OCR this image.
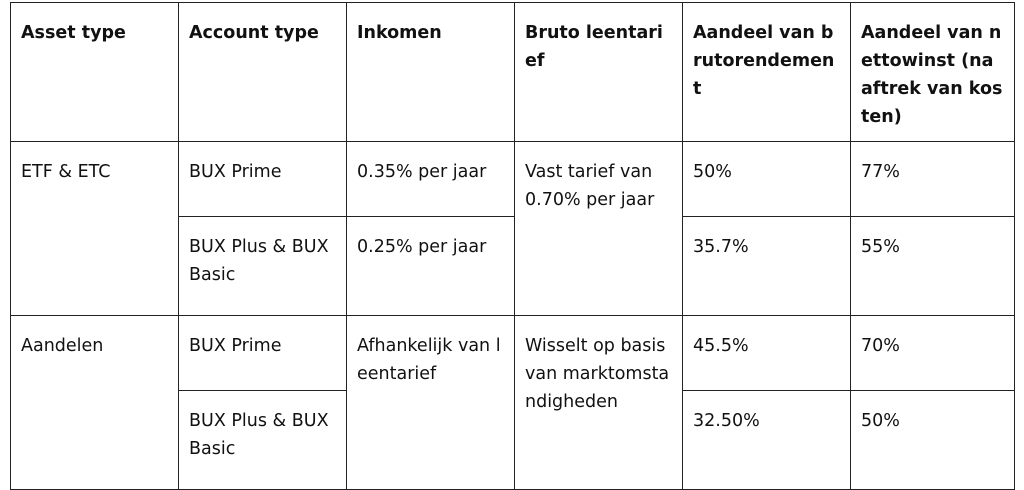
Asset type	Account type	Inkomen	Bruto leentarief	Aandeel van brutorendement	Aandeel van nettowinst (na aftrek van kosten)
ETF & ETC	BUX Prime	0.35% per jaar	Vast tarief van 0.70% per jaar	50%	77%
	BUX Plus & BUX Basic	0.25% per jaar		35.7%	55%
Aandelen	BUX Prime	Afhankelijk van leentarief	Wisselt op basis van marktomstandigheden	45.5%	70%
	BUX Plus & BUX Basic			32.50%	50%
